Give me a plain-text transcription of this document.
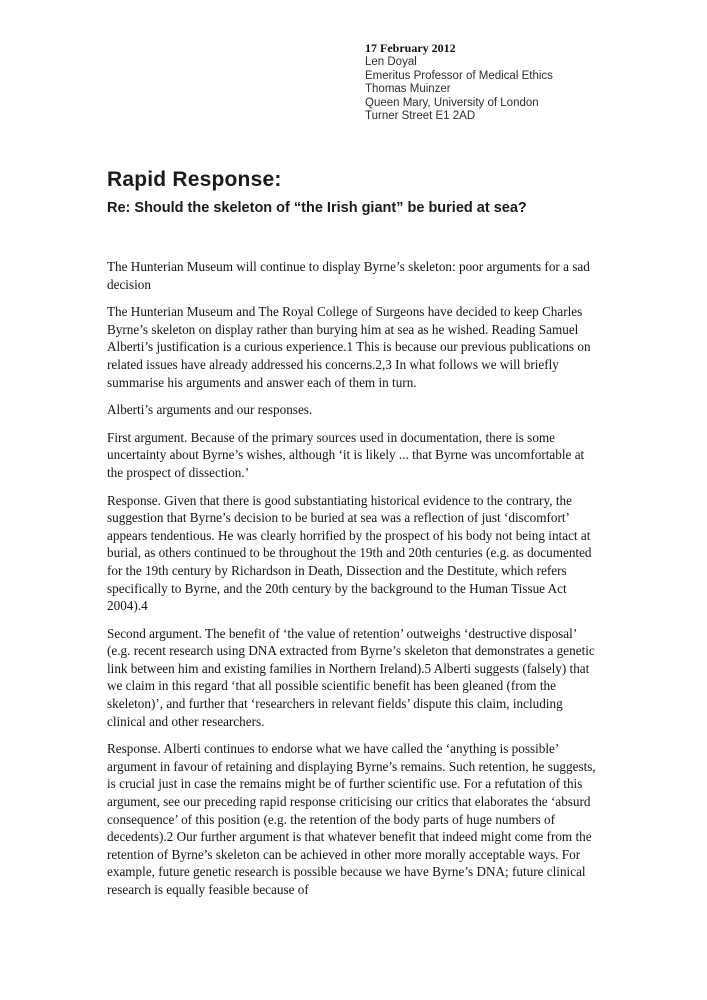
17 February 2012
Len Doyal
Emeritus Professor of Medical Ethics
Thomas Muinzer
Queen Mary, University of London
Turner Street E1 2AD
Rapid Response:
Re: Should the skeleton of “the Irish giant” be buried at sea?

The Hunterian Museum will continue to display Byrne’s skeleton: poor arguments for a sad decision

The Hunterian Museum and The Royal College of Surgeons have decided to keep Charles Byrne’s skeleton on display rather than burying him at sea as he wished. Reading Samuel Alberti’s justification is a curious experience.1 This is because our previous publications on related issues have already addressed his concerns.2,3 In what follows we will briefly summarise his arguments and answer each of them in turn.

Alberti’s arguments and our responses.

First argument. Because of the primary sources used in documentation, there is some uncertainty about Byrne’s wishes, although ‘it is likely ... that Byrne was uncomfortable at the prospect of dissection.’

Response. Given that there is good substantiating historical evidence to the contrary, the suggestion that Byrne’s decision to be buried at sea was a reflection of just ‘discomfort’ appears tendentious. He was clearly horrified by the prospect of his body not being intact at burial, as others continued to be throughout the 19th and 20th centuries (e.g. as documented for the 19th century by Richardson in Death, Dissection and the Destitute, which refers specifically to Byrne, and the 20th century by the background to the Human Tissue Act 2004).4

Second argument. The benefit of ‘the value of retention’ outweighs ‘destructive disposal’ (e.g. recent research using DNA extracted from Byrne’s skeleton that demonstrates a genetic link between him and existing families in Northern Ireland).5 Alberti suggests (falsely) that we claim in this regard ‘that all possible scientific benefit has been gleaned (from the skeleton)’, and further that ‘researchers in relevant fields’ dispute this claim, including clinical and other researchers.

Response. Alberti continues to endorse what we have called the ‘anything is possible’ argument in favour of retaining and displaying Byrne’s remains. Such retention, he suggests, is crucial just in case the remains might be of further scientific use. For a refutation of this argument, see our preceding rapid response criticising our critics that elaborates the ‘absurd consequence’ of this position (e.g. the retention of the body parts of huge numbers of decedents).2 Our further argument is that whatever benefit that indeed might come from the retention of Byrne’s skeleton can be achieved in other more morally acceptable ways. For example, future genetic research is possible because we have Byrne’s DNA; future clinical research is equally feasible because of
